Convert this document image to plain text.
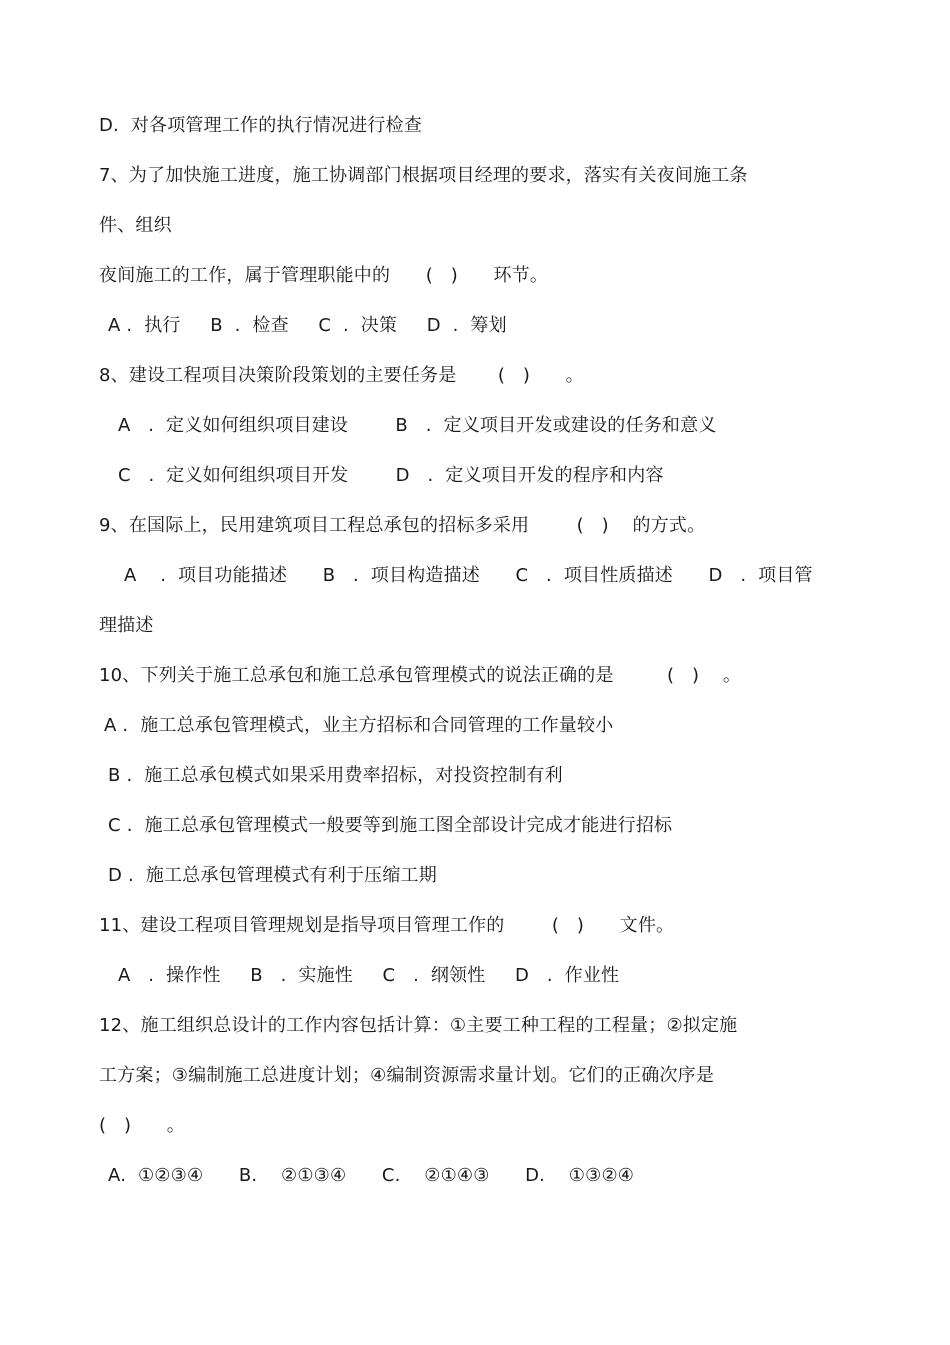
D.  对各项管理工作的执行情况进行检查
7、为了加快施工进度，施工协调部门根据项目经理的要求，落实有关夜间施工条
件、组织
夜间施工的工作，属于管理职能中的      (   )      环节。
A .  执行     B  .  检查     C  .  决策     D  .  筹划
8、建设工程项目决策阶段策划的主要任务是       (   )      。
A   .  定义如何组织项目建设        B   .  定义项目开发或建设的任务和意义
C   .  定义如何组织项目开发        D   .  定义项目开发的程序和内容
9、在国际上，民用建筑项目工程总承包的招标多采用        (   )    的方式。
A    .  项目功能描述      B   .  项目构造描述      C   .  项目性质描述      D   .  项目管
理描述
10、下列关于施工总承包和施工总承包管理模式的说法正确的是         (   )    。
A .  施工总承包管理模式，业主方招标和合同管理的工作量较小
B .  施工总承包模式如果采用费率招标，对投资控制有利
C .  施工总承包管理模式一般要等到施工图全部设计完成才能进行招标
D .  施工总承包管理模式有利于压缩工期
11、建设工程项目管理规划是指导项目管理工作的        (   )      文件。
A   .  操作性     B   .  实施性     C   .  纲领性     D   .  作业性
12、施工组织总设计的工作内容包括计算：①主要工种工程的工程量；②拟定施
工方案；③编制施工总进度计划；④编制资源需求量计划。它们的正确次序是
(   )      。
A.  ①②③④      B.    ②①③④      C.    ②①④③      D.    ①③②④
